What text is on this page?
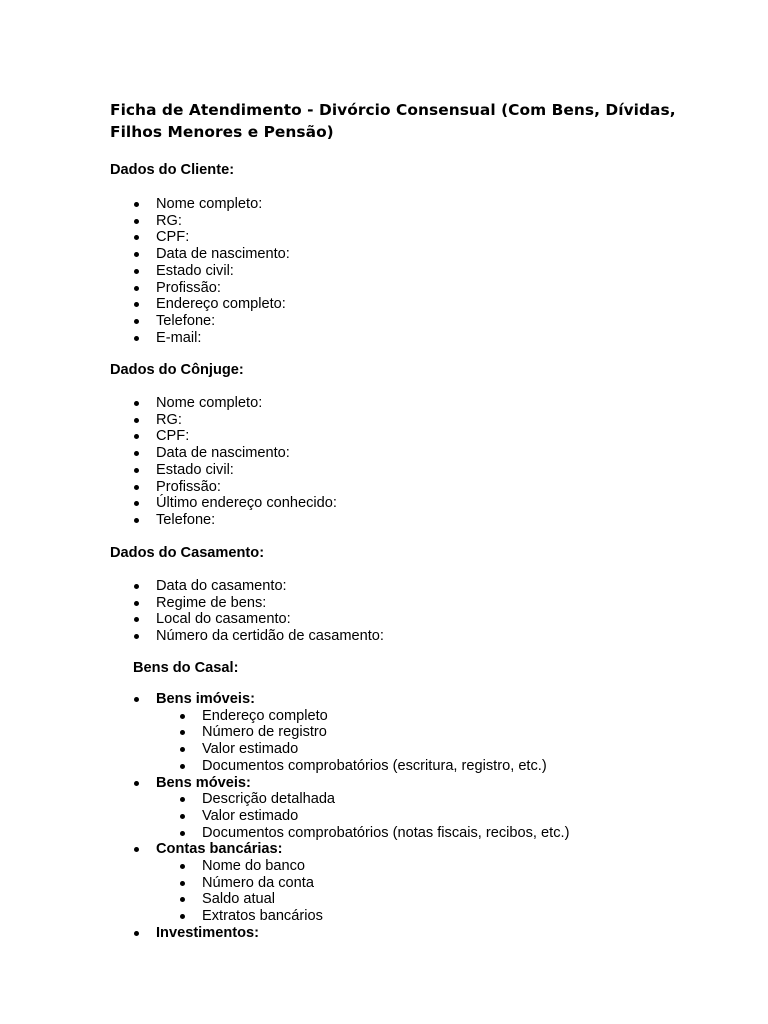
Ficha de Atendimento - Divórcio Consensual (Com Bens, Dívidas, Filhos Menores e Pensão)
Dados do Cliente:
Nome completo:
RG:
CPF:
Data de nascimento:
Estado civil:
Profissão:
Endereço completo:
Telefone:
E-mail:
Dados do Cônjuge:
Nome completo:
RG:
CPF:
Data de nascimento:
Estado civil:
Profissão:
Último endereço conhecido:
Telefone:
Dados do Casamento:
Data do casamento:
Regime de bens:
Local do casamento:
Número da certidão de casamento:
Bens do Casal:
Bens imóveis:
Endereço completo
Número de registro
Valor estimado
Documentos comprobatórios (escritura, registro, etc.)
Bens móveis:
Descrição detalhada
Valor estimado
Documentos comprobatórios (notas fiscais, recibos, etc.)
Contas bancárias:
Nome do banco
Número da conta
Saldo atual
Extratos bancários
Investimentos:
